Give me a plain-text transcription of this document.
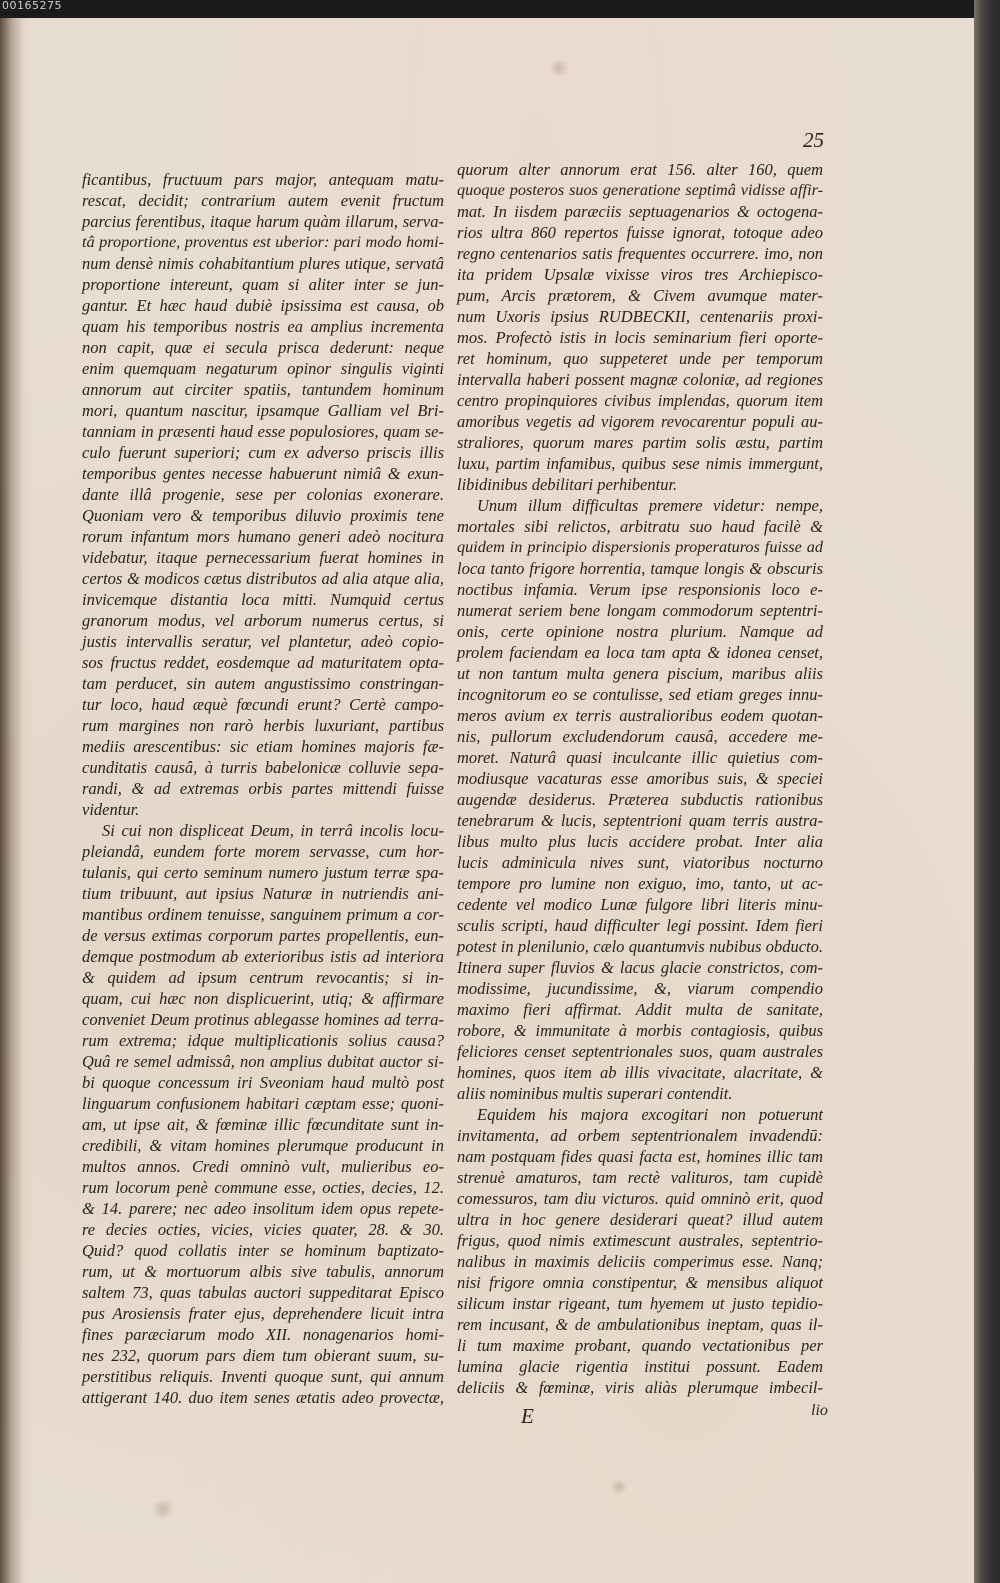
00165275
25
ficantibus, fructuum pars major, antequam matu-
rescat, decidit; contrarium autem evenit fructum
parcius ferentibus, itaque harum quàm illarum, serva-
tâ proportione, proventus est uberior: pari modo homi-
num densè nimis cohabitantium plures utique, servatâ
proportione intereunt, quam si aliter inter se jun-
gantur. Et hæc haud dubiè ipsissima est causa, ob
quam his temporibus nostris ea amplius incrementa
non capit, quæ ei secula prisca dederunt: neque
enim quemquam negaturum opinor singulis viginti
annorum aut circiter spatiis, tantundem hominum
mori, quantum nascitur, ipsamque Galliam vel Bri-
tanniam in præsenti haud esse populosiores, quam se-
culo fuerunt superiori; cum ex adverso priscis illis
temporibus gentes necesse habuerunt nimiâ & exun-
dante illâ progenie, sese per colonias exonerare.
Quoniam vero & temporibus diluvio proximis tene
rorum infantum mors humano generi adeò nocitura
videbatur, itaque pernecessarium fuerat homines in
certos & modicos cætus distributos ad alia atque alia,
invicemque distantia loca mitti. Numquid certus
granorum modus, vel arborum numerus certus, si
justis intervallis seratur, vel plantetur, adeò copio-
sos fructus reddet, eosdemque ad maturitatem opta-
tam perducet, sin autem angustissimo constringan-
tur loco, haud æquè fœcundi erunt? Certè campo-
rum margines non rarò herbis luxuriant, partibus
mediis arescentibus: sic etiam homines majoris fæ-
cunditatis causâ, à turris babelonicæ colluvie sepa-
randi, & ad extremas orbis partes mittendi fuisse
videntur.
Si cui non displiceat Deum, in terrâ incolis locu-
pleiandâ, eundem forte morem servasse, cum hor-
tulanis, qui certo seminum numero justum terræ spa-
tium tribuunt, aut ipsius Naturæ in nutriendis ani-
mantibus ordinem tenuisse, sanguinem primum a cor-
de versus extimas corporum partes propellentis, eun-
demque postmodum ab exterioribus istis ad interiora
& quidem ad ipsum centrum revocantis; si in-
quam, cui hæc non displicuerint, utiq; & affirmare
conveniet Deum protinus ablegasse homines ad terra-
rum extrema; idque multiplicationis solius causa?
Quâ re semel admissâ, non amplius dubitat auctor si-
bi quoque concessum iri Sveoniam haud multò post
linguarum confusionem habitari cæptam esse; quoni-
am, ut ipse ait, & fœminæ illic fœcunditate sunt in-
credibili, & vitam homines plerumque producunt in
multos annos. Credi omninò vult, mulieribus eo-
rum locorum penè commune esse, octies, decies, 12.
& 14. parere; nec adeo insolitum idem opus repete-
re decies octies, vicies, vicies quater, 28. & 30.
Quid? quod collatis inter se hominum baptizato-
rum, ut & mortuorum albis sive tabulis, annorum
saltem 73, quas tabulas auctori suppeditarat Episco
pus Arosiensis frater ejus, deprehendere licuit intra
fines paræciarum modo XII. nonagenarios homi-
nes 232, quorum pars diem tum obierant suum, su-
perstitibus reliquis. Inventi quoque sunt, qui annum
attigerant 140. duo item senes ætatis adeo provectæ,
quorum alter annorum erat 156. alter 160, quem
quoque posteros suos generatione septimâ vidisse affir-
mat. In iisdem paræciis septuagenarios & octogena-
rios ultra 860 repertos fuisse ignorat, totoque adeo
regno centenarios satis frequentes occurrere. imo, non
ita pridem Upsalæ vixisse viros tres Archiepisco-
pum, Arcis prætorem, & Civem avumque mater-
num Uxoris ipsius RUDBECKII, centenariis proxi-
mos. Profectò istis in locis seminarium fieri oporte-
ret hominum, quo suppeteret unde per temporum
intervalla haberi possent magnæ coloniæ, ad regiones
centro propinquiores civibus implendas, quorum item
amoribus vegetis ad vigorem revocarentur populi au-
straliores, quorum mares partim solis æstu, partim
luxu, partim infamibus, quibus sese nimis immergunt,
libidinibus debilitari perhibentur.
Unum illum difficultas premere videtur: nempe,
mortales sibi relictos, arbitratu suo haud facilè &
quidem in principio dispersionis properaturos fuisse ad
loca tanto frigore horrentia, tamque longis & obscuris
noctibus infamia. Verum ipse responsionis loco e-
numerat seriem bene longam commodorum septentri-
onis, certe opinione nostra plurium. Namque ad
prolem faciendam ea loca tam apta & idonea censet,
ut non tantum multa genera piscium, maribus aliis
incognitorum eo se contulisse, sed etiam greges innu-
meros avium ex terris australioribus eodem quotan-
nis, pullorum excludendorum causâ, accedere me-
moret. Naturâ quasi inculcante illic quietius com-
modiusque vacaturas esse amoribus suis, & speciei
augendæ desiderus. Præterea subductis rationibus
tenebrarum & lucis, septentrioni quam terris austra-
libus multo plus lucis accidere probat. Inter alia
lucis adminicula nives sunt, viatoribus nocturno
tempore pro lumine non exiguo, imo, tanto, ut ac-
cedente vel modico Lunæ fulgore libri literis minu-
sculis scripti, haud difficulter legi possint. Idem fieri
potest in plenilunio, cælo quantumvis nubibus obducto.
Itinera super fluvios & lacus glacie constrictos, com-
modissime, jucundissime, &, viarum compendio
maximo fieri affirmat. Addit multa de sanitate,
robore, & immunitate à morbis contagiosis, quibus
feliciores censet septentrionales suos, quam australes
homines, quos item ab illis vivacitate, alacritate, &
aliis nominibus multis superari contendit.
Equidem his majora excogitari non potuerunt
invitamenta, ad orbem septentrionalem invadendū:
nam postquam fides quasi facta est, homines illic tam
strenuè amaturos, tam rectè valituros, tam cupidè
comessuros, tam diu victuros. quid omninò erit, quod
ultra in hoc genere desiderari queat? illud autem
frigus, quod nimis extimescunt australes, septentrio-
nalibus in maximis deliciis comperimus esse. Nanq;
nisi frigore omnia constipentur, & mensibus aliquot
silicum instar rigeant, tum hyemem ut justo tepidio-
rem incusant, & de ambulationibus ineptam, quas il-
li tum maxime probant, quando vectationibus per
lumina glacie rigentia institui possunt. Eadem
deliciis & fœminæ, viris aliàs plerumque imbecil-
E	lio
